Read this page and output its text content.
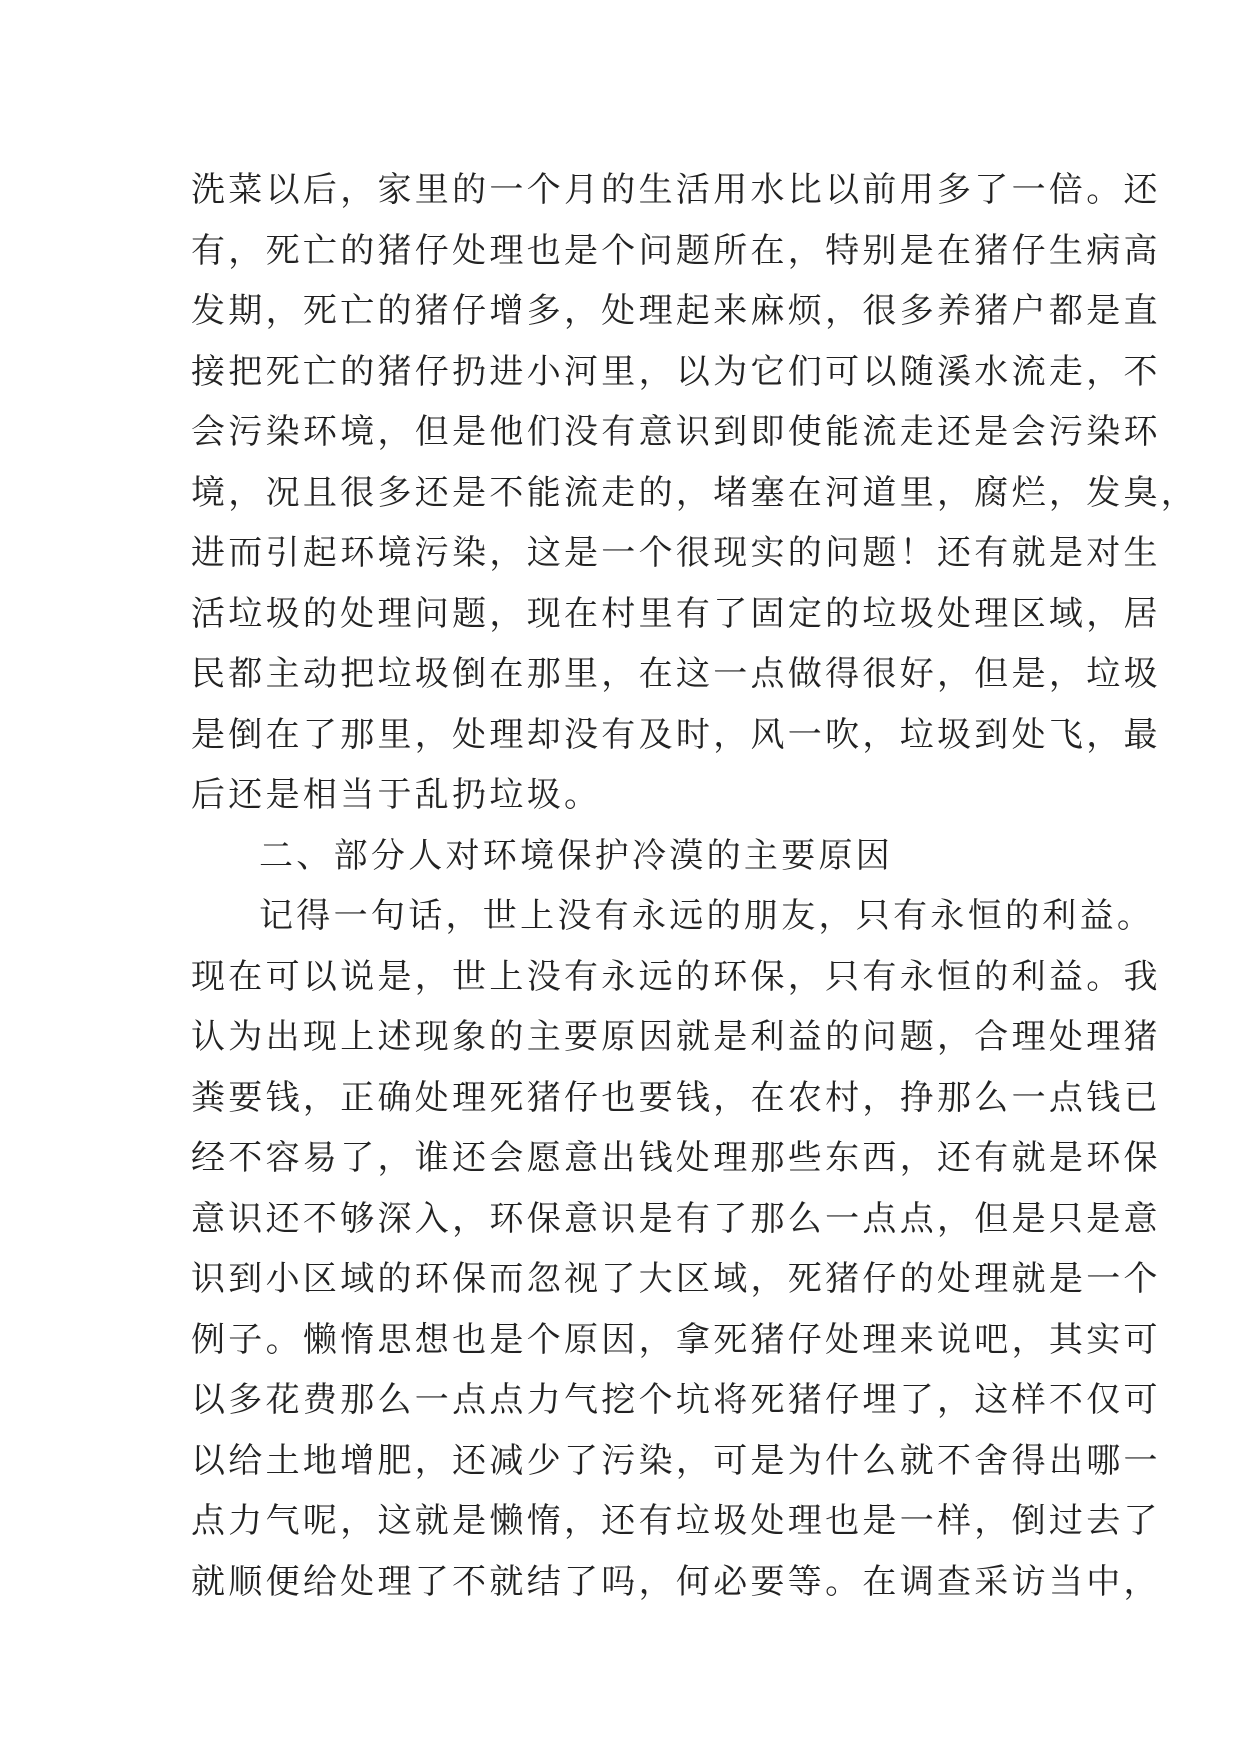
洗菜以后，家里的一个月的生活用水比以前用多了一倍。还
有，死亡的猪仔处理也是个问题所在，特别是在猪仔生病高
发期，死亡的猪仔增多，处理起来麻烦，很多养猪户都是直
接把死亡的猪仔扔进小河里，以为它们可以随溪水流走，不
会污染环境，但是他们没有意识到即使能流走还是会污染环
境，况且很多还是不能流走的，堵塞在河道里，腐烂，发臭，
进而引起环境污染，这是一个很现实的问题！还有就是对生
活垃圾的处理问题，现在村里有了固定的垃圾处理区域，居
民都主动把垃圾倒在那里，在这一点做得很好，但是，垃圾
是倒在了那里，处理却没有及时，风一吹，垃圾到处飞，最
后还是相当于乱扔垃圾。
二、部分人对环境保护冷漠的主要原因
记得一句话，世上没有永远的朋友，只有永恒的利益。
现在可以说是，世上没有永远的环保，只有永恒的利益。我
认为出现上述现象的主要原因就是利益的问题，合理处理猪
粪要钱，正确处理死猪仔也要钱，在农村，挣那么一点钱已
经不容易了，谁还会愿意出钱处理那些东西，还有就是环保
意识还不够深入，环保意识是有了那么一点点，但是只是意
识到小区域的环保而忽视了大区域，死猪仔的处理就是一个
例子。懒惰思想也是个原因，拿死猪仔处理来说吧，其实可
以多花费那么一点点力气挖个坑将死猪仔埋了，这样不仅可
以给土地增肥，还减少了污染，可是为什么就不舍得出哪一
点力气呢，这就是懒惰，还有垃圾处理也是一样，倒过去了
就顺便给处理了不就结了吗，何必要等。在调查采访当中，
